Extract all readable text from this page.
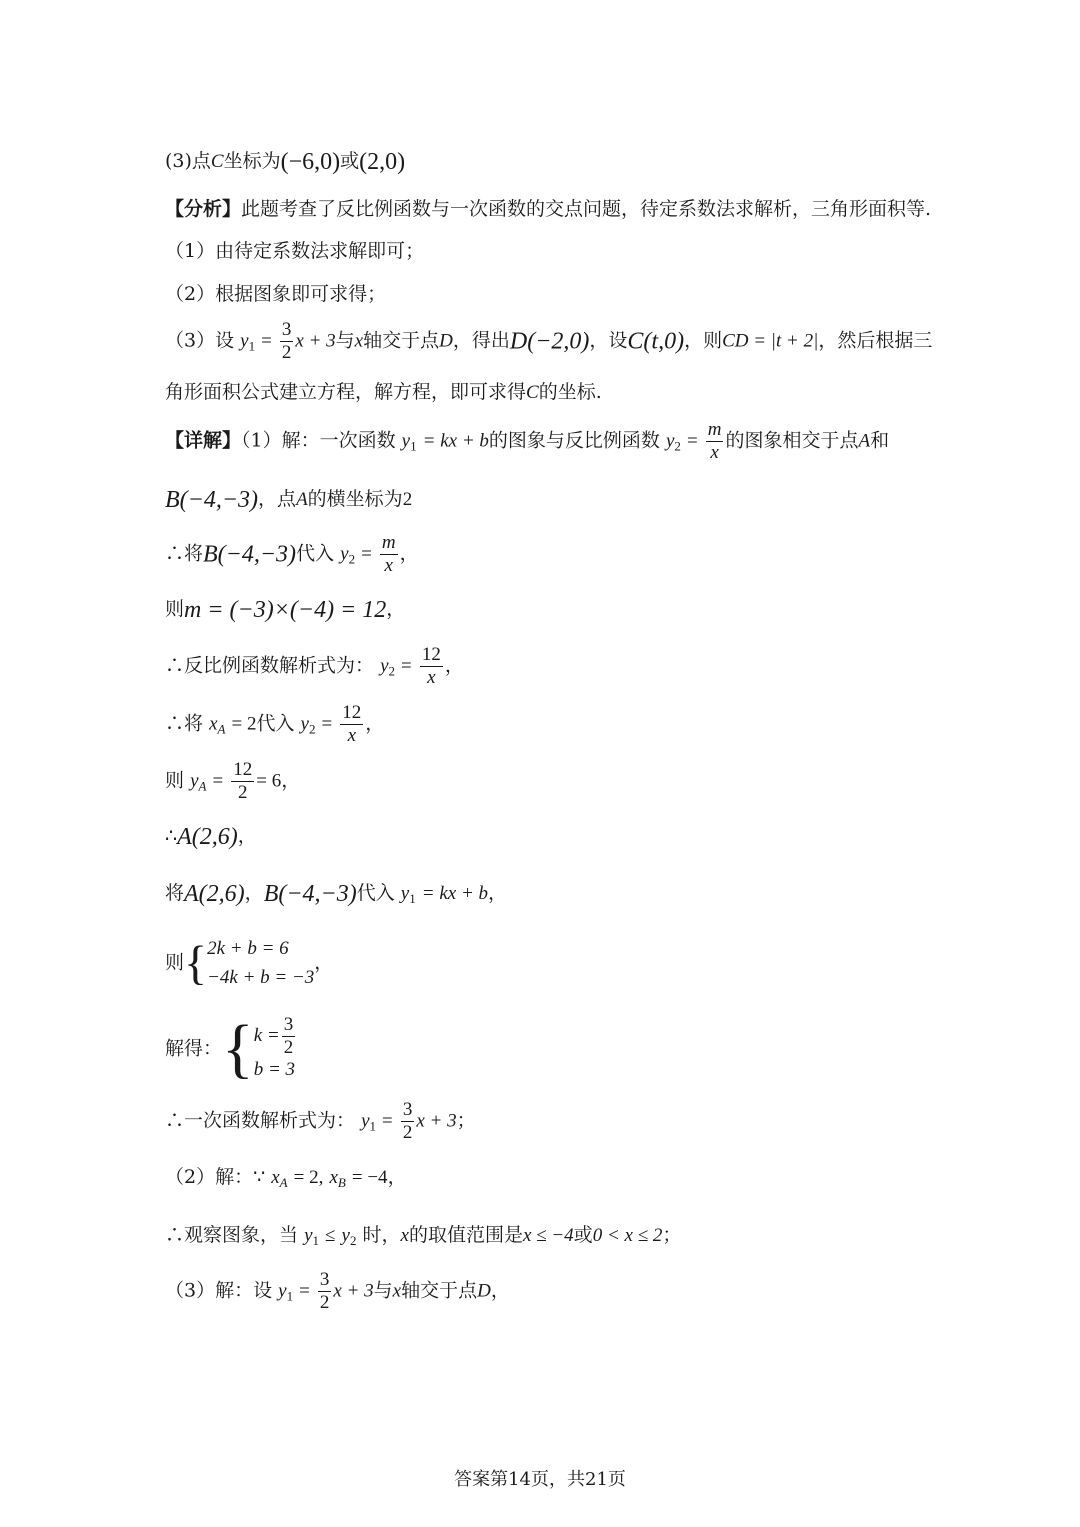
(3)点C坐标为(−6,0)或(2,0)
【分析】此题考查了反比例函数与一次函数的交点问题，待定系数法求解析，三角形面积等.
（1）由待定系数法求解即可；
（2）根据图象即可求得；
（3）设 $y_1 = \frac{3}{2}$ x + 3与x轴交于点D，得出D(−2,0)，设C(t,0)，则CD = |t + 2|，然后根据三
角形面积公式建立方程，解方程，即可求得C的坐标.
【详解】（1）解：一次函数 $y_1$ = kx + b的图象与反比例函数 $y_2 = \frac{m}{x}$ 的图象相交于点A和
B(−4,−3)，点A的横坐标为2
∴将B(−4,−3)代入 $y_2 = \frac{m}{x}$ ，
则m = (−3)×(−4) = 12，
∴反比例函数解析式为： $y_2 = \frac{12}{x}$ ，
∴将 $x_A = 2$代入 $y_2 = \frac{12}{x}$ ，
则 $y_A = \frac{12}{2} = 6$，
∴A(2,6)，
将A(2,6)，B(−4,−3)代入 $y_1$ = kx + b，
则{ 2k + b = 6
−4k + b = −3
，
解得：{ $k = \frac{3}{2}$
b = 3
∴一次函数解析式为： $y_1 = \frac{3}{2}$ x + 3；
（2）解：∵ $x_A = 2$, $x_B = -4$，
∴观察图象，当 $y_1 \le y_2$ 时，x的取值范围是x ≤ −4或0 < x ≤ 2；
（3）解：设 $y_1 = \frac{3}{2}$ x + 3与x轴交于点D，
答案第14页，共21页
